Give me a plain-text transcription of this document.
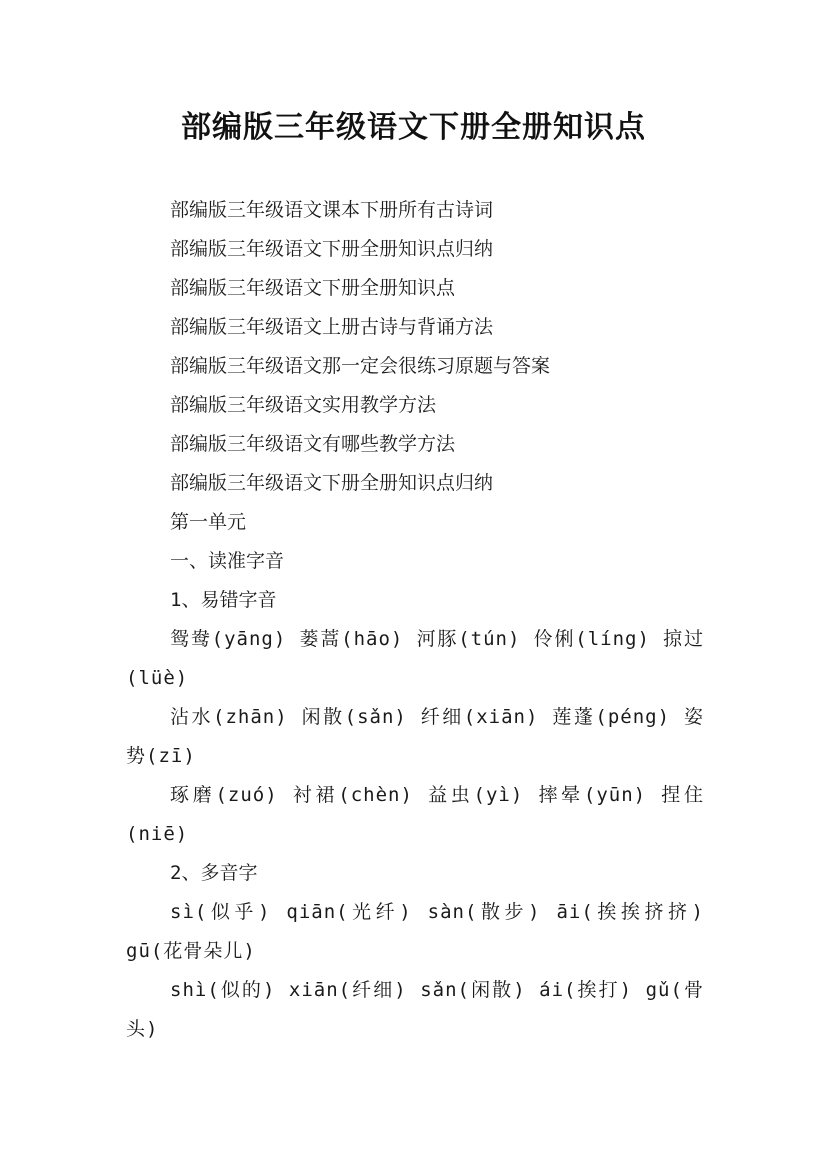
部编版三年级语文下册全册知识点

部编版三年级语文课本下册所有古诗词

部编版三年级语文下册全册知识点归纳

部编版三年级语文下册全册知识点

部编版三年级语文上册古诗与背诵方法

部编版三年级语文那一定会很练习原题与答案

部编版三年级语文实用教学方法

部编版三年级语文有哪些教学方法

部编版三年级语文下册全册知识点归纳

第一单元

一、读准字音

1、易错字音

鸳鸯(yāng) 蒌蒿(hāo) 河豚(tún) 伶俐(líng) 掠过(lüè)

沾水(zhān) 闲散(sǎn) 纤细(xiān) 莲蓬(péng) 姿势(zī)

琢磨(zuó) 衬裙(chèn) 益虫(yì) 摔晕(yūn) 捏住(niē)

2、多音字

sì(似乎) qiān(光纤) sàn(散步) āi(挨挨挤挤) gū(花骨朵儿)

shì(似的) xiān(纤细) sǎn(闲散) ái(挨打) gǔ(骨头)
